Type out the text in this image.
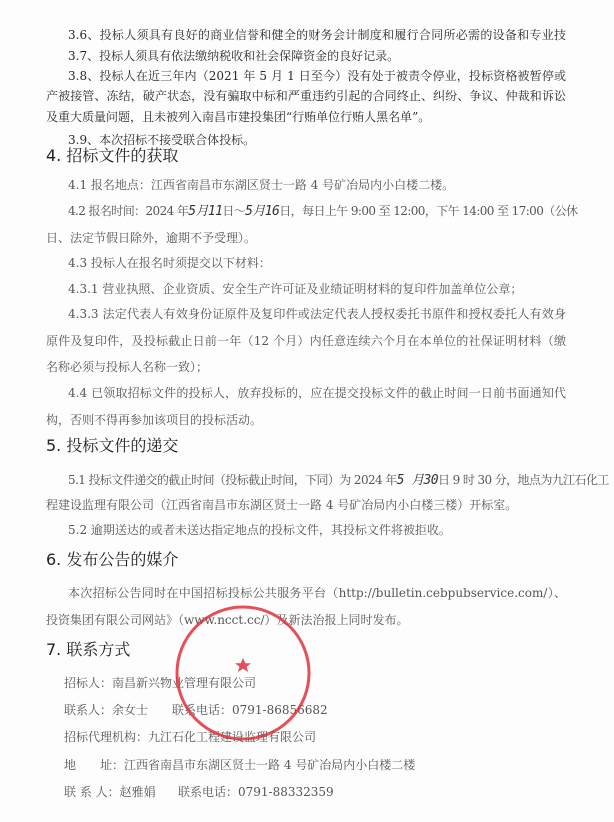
3.6、投标人须具有良好的商业信誉和健全的财务会计制度和履行合同所必需的设备和专业技
3.7、投标人须具有依法缴纳税收和社会保障资金的良好记录。
3.8、投标人在近三年内（2021 年 5 月 1 日至今）没有处于被责令停业，投标资格被暂停或
产被接管、冻结，破产状态，没有骗取中标和严重违约引起的合同终止、纠纷、争议、仲裁和诉讼
及重大质量问题，且未被列入南昌市建投集团“行贿单位行贿人黑名单”。
3.9、本次招标不接受联合体投标。
4. 招标文件的获取
4.1 报名地点：江西省南昌市东湖区贤士一路 4 号矿冶局内小白楼二楼。
4.2 报名时间：2024 年5月11日～5月16日，每日上午 9:00 至 12:00，下午 14:00 至 17:00（公休
日、法定节假日除外，逾期不予受理）。
4.3 投标人在报名时须提交以下材料：
4.3.1 营业执照、企业资质、安全生产许可证及业绩证明材料的复印件加盖单位公章；
4.3.3 法定代表人有效身份证原件及复印件或法定代表人授权委托书原件和授权委托人有效身
原件及复印件，及投标截止日前一年（12 个月）内任意连续六个月在本单位的社保证明材料（缴
名称必须与投标人名称一致）；
4.4 已领取招标文件的投标人，放弃投标的，应在提交投标文件的截止时间一日前书面通知代
构，否则不得再参加该项目的投标活动。
5. 投标文件的递交
5.1 投标文件递交的截止时间（投标截止时间，下同）为 2024 年5 月30日 9 时 30 分，地点为九江石化工
程建设监理有限公司（江西省南昌市东湖区贤士一路 4 号矿冶局内小白楼三楼）开标室。
5.2 逾期送达的或者未送达指定地点的投标文件，其投标文件将被拒收。
6. 发布公告的媒介
本次招标公告同时在中国招标投标公共服务平台（http://bulletin.cebpubservice.com/）、
投资集团有限公司网站》（www.ncct.cc/）及新法治报上同时发布。
7. 联系方式
招标人：南昌新兴物业管理有限公司
联系人：余女士 联系电话：0791-86856682
招标代理机构：九江石化工程建设监理有限公司
地　　址：江西省南昌市东湖区贤士一路 4 号矿冶局内小白楼二楼
联 系 人：赵雅娟 联系电话：0791-88332359
